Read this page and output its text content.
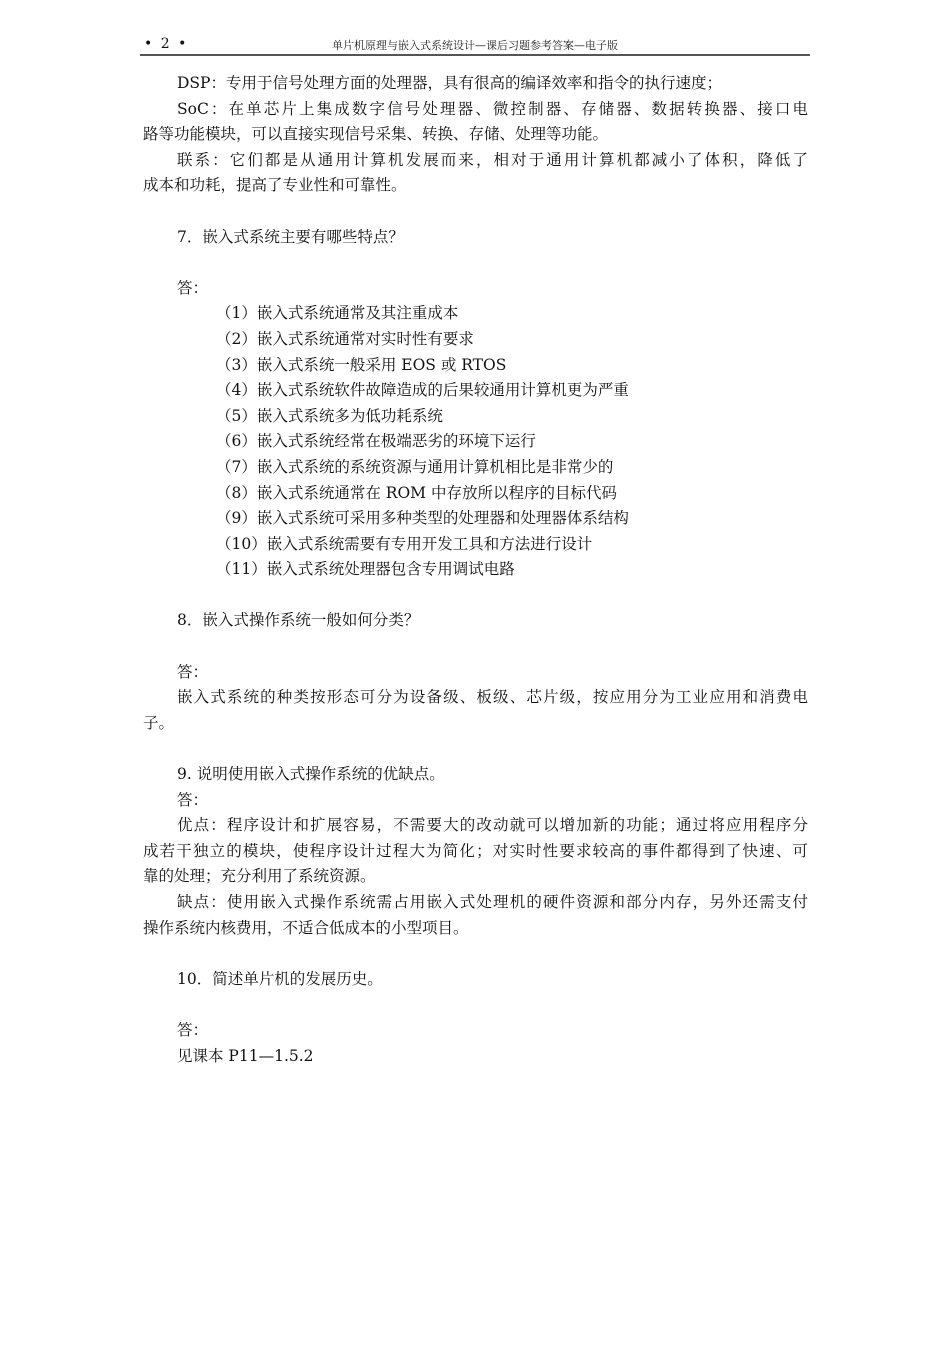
• 2 •	单片机原理与嵌入式系统设计—课后习题参考答案—电子版
DSP：专用于信号处理方面的处理器，具有很高的编译效率和指令的执行速度；
SoC：在单芯片上集成数字信号处理器、微控制器、存储器、数据转换器、接口电
路等功能模块，可以直接实现信号采集、转换、存储、处理等功能。
联系：它们都是从通用计算机发展而来，相对于通用计算机都减小了体积，降低了
成本和功耗，提高了专业性和可靠性。
7．嵌入式系统主要有哪些特点？
答：
（1）嵌入式系统通常及其注重成本
（2）嵌入式系统通常对实时性有要求
（3）嵌入式系统一般采用 EOS 或 RTOS
（4）嵌入式系统软件故障造成的后果较通用计算机更为严重
（5）嵌入式系统多为低功耗系统
（6）嵌入式系统经常在极端恶劣的环境下运行
（7）嵌入式系统的系统资源与通用计算机相比是非常少的
（8）嵌入式系统通常在 ROM 中存放所以程序的目标代码
（9）嵌入式系统可采用多种类型的处理器和处理器体系结构
（10）嵌入式系统需要有专用开发工具和方法进行设计
（11）嵌入式系统处理器包含专用调试电路
8．嵌入式操作系统一般如何分类？
答：
嵌入式系统的种类按形态可分为设备级、板级、芯片级，按应用分为工业应用和消费电
子。
9. 说明使用嵌入式操作系统的优缺点。
答：
优点：程序设计和扩展容易，不需要大的改动就可以增加新的功能；通过将应用程序分
成若干独立的模块，使程序设计过程大为简化；对实时性要求较高的事件都得到了快速、可
靠的处理；充分利用了系统资源。
缺点：使用嵌入式操作系统需占用嵌入式处理机的硬件资源和部分内存，另外还需支付
操作系统内核费用，不适合低成本的小型项目。
10．简述单片机的发展历史。
答：
见课本 P11—1.5.2
